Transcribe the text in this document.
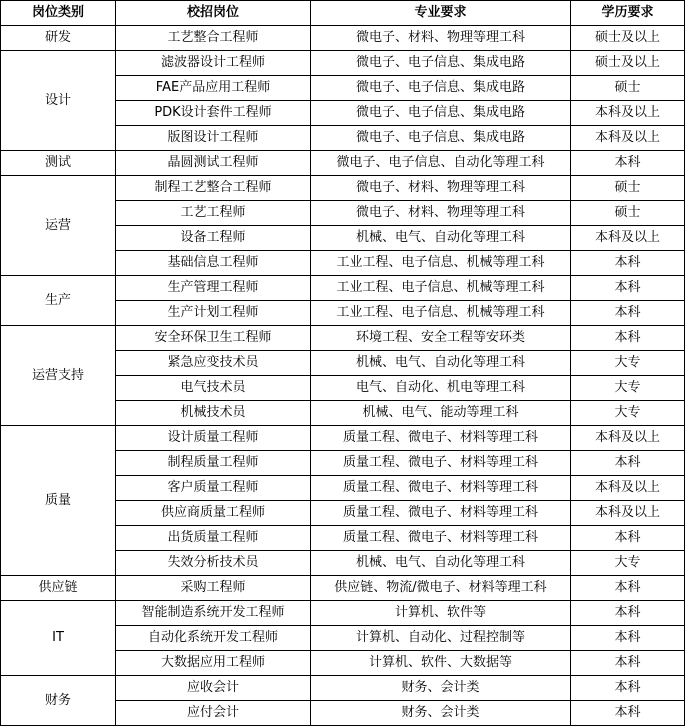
岗位类别	校招岗位	专业要求	学历要求
研发	工艺整合工程师	微电子、材料、物理等理工科	硕士及以上
设计	滤波器设计工程师	微电子、电子信息、集成电路	硕士及以上
	FAE产品应用工程师	微电子、电子信息、集成电路	硕士
	PDK设计套件工程师	微电子、电子信息、集成电路	本科及以上
	版图设计工程师	微电子、电子信息、集成电路	本科及以上
测试	晶圆测试工程师	微电子、电子信息、自动化等理工科	本科
运营	制程工艺整合工程师	微电子、材料、物理等理工科	硕士
	工艺工程师	微电子、材料、物理等理工科	硕士
	设备工程师	机械、电气、自动化等理工科	本科及以上
	基础信息工程师	工业工程、电子信息、机械等理工科	本科
生产	生产管理工程师	工业工程、电子信息、机械等理工科	本科
	生产计划工程师	工业工程、电子信息、机械等理工科	本科
运营支持	安全环保卫生工程师	环境工程、安全工程等安环类	本科
	紧急应变技术员	机械、电气、自动化等理工科	大专
	电气技术员	电气、自动化、机电等理工科	大专
	机械技术员	机械、电气、能动等理工科	大专
质量	设计质量工程师	质量工程、微电子、材料等理工科	本科及以上
	制程质量工程师	质量工程、微电子、材料等理工科	本科
	客户质量工程师	质量工程、微电子、材料等理工科	本科及以上
	供应商质量工程师	质量工程、微电子、材料等理工科	本科及以上
	出货质量工程师	质量工程、微电子、材料等理工科	本科
	失效分析技术员	机械、电气、自动化等理工科	大专
供应链	采购工程师	供应链、物流/微电子、材料等理工科	本科
IT	智能制造系统开发工程师	计算机、软件等	本科
	自动化系统开发工程师	计算机、自动化、过程控制等	本科
	大数据应用工程师	计算机、软件、大数据等	本科
财务	应收会计	财务、会计类	本科
	应付会计	财务、会计类	本科
